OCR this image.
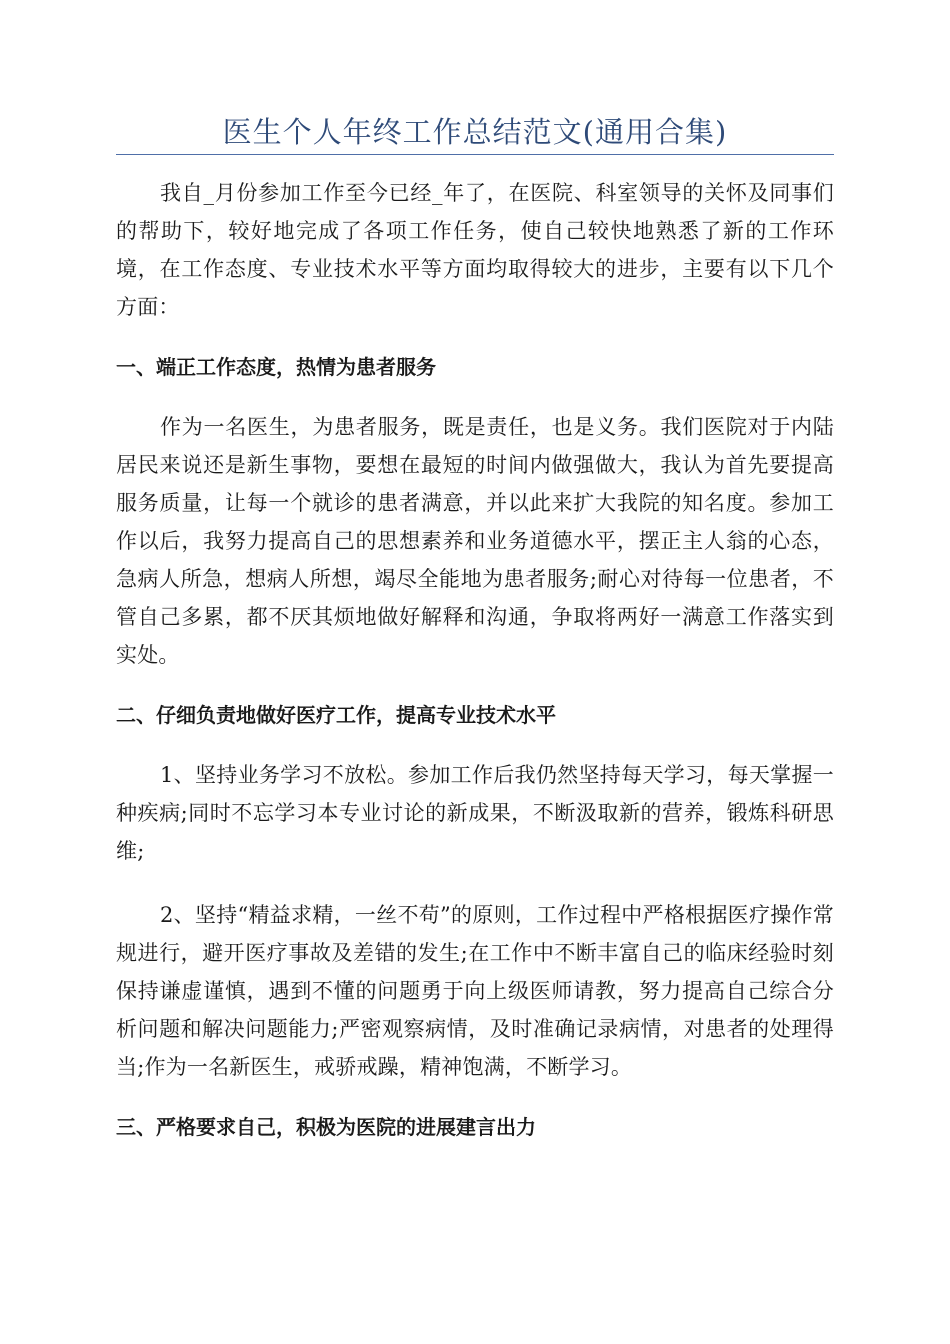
医生个人年终工作总结范文(通用合集)

我自_月份参加工作至今已经_年了，在医院、科室领导的关怀及同事们的帮助下，较好地完成了各项工作任务，使自己较快地熟悉了新的工作环境，在工作态度、专业技术水平等方面均取得较大的进步，主要有以下几个方面：

一、端正工作态度，热情为患者服务

作为一名医生，为患者服务，既是责任，也是义务。我们医院对于内陆居民来说还是新生事物，要想在最短的时间内做强做大，我认为首先要提高服务质量，让每一个就诊的患者满意，并以此来扩大我院的知名度。参加工作以后，我努力提高自己的思想素养和业务道德水平，摆正主人翁的心态，急病人所急，想病人所想，竭尽全能地为患者服务;耐心对待每一位患者，不管自己多累，都不厌其烦地做好解释和沟通，争取将两好一满意工作落实到实处。

二、仔细负责地做好医疗工作，提高专业技术水平

1、坚持业务学习不放松。参加工作后我仍然坚持每天学习，每天掌握一种疾病;同时不忘学习本专业讨论的新成果，不断汲取新的营养，锻炼科研思维;

2、坚持“精益求精，一丝不苟”的原则，工作过程中严格根据医疗操作常规进行，避开医疗事故及差错的发生;在工作中不断丰富自己的临床经验时刻保持谦虚谨慎，遇到不懂的问题勇于向上级医师请教，努力提高自己综合分析问题和解决问题能力;严密观察病情，及时准确记录病情，对患者的处理得当;作为一名新医生，戒骄戒躁，精神饱满，不断学习。

三、严格要求自己，积极为医院的进展建言出力
